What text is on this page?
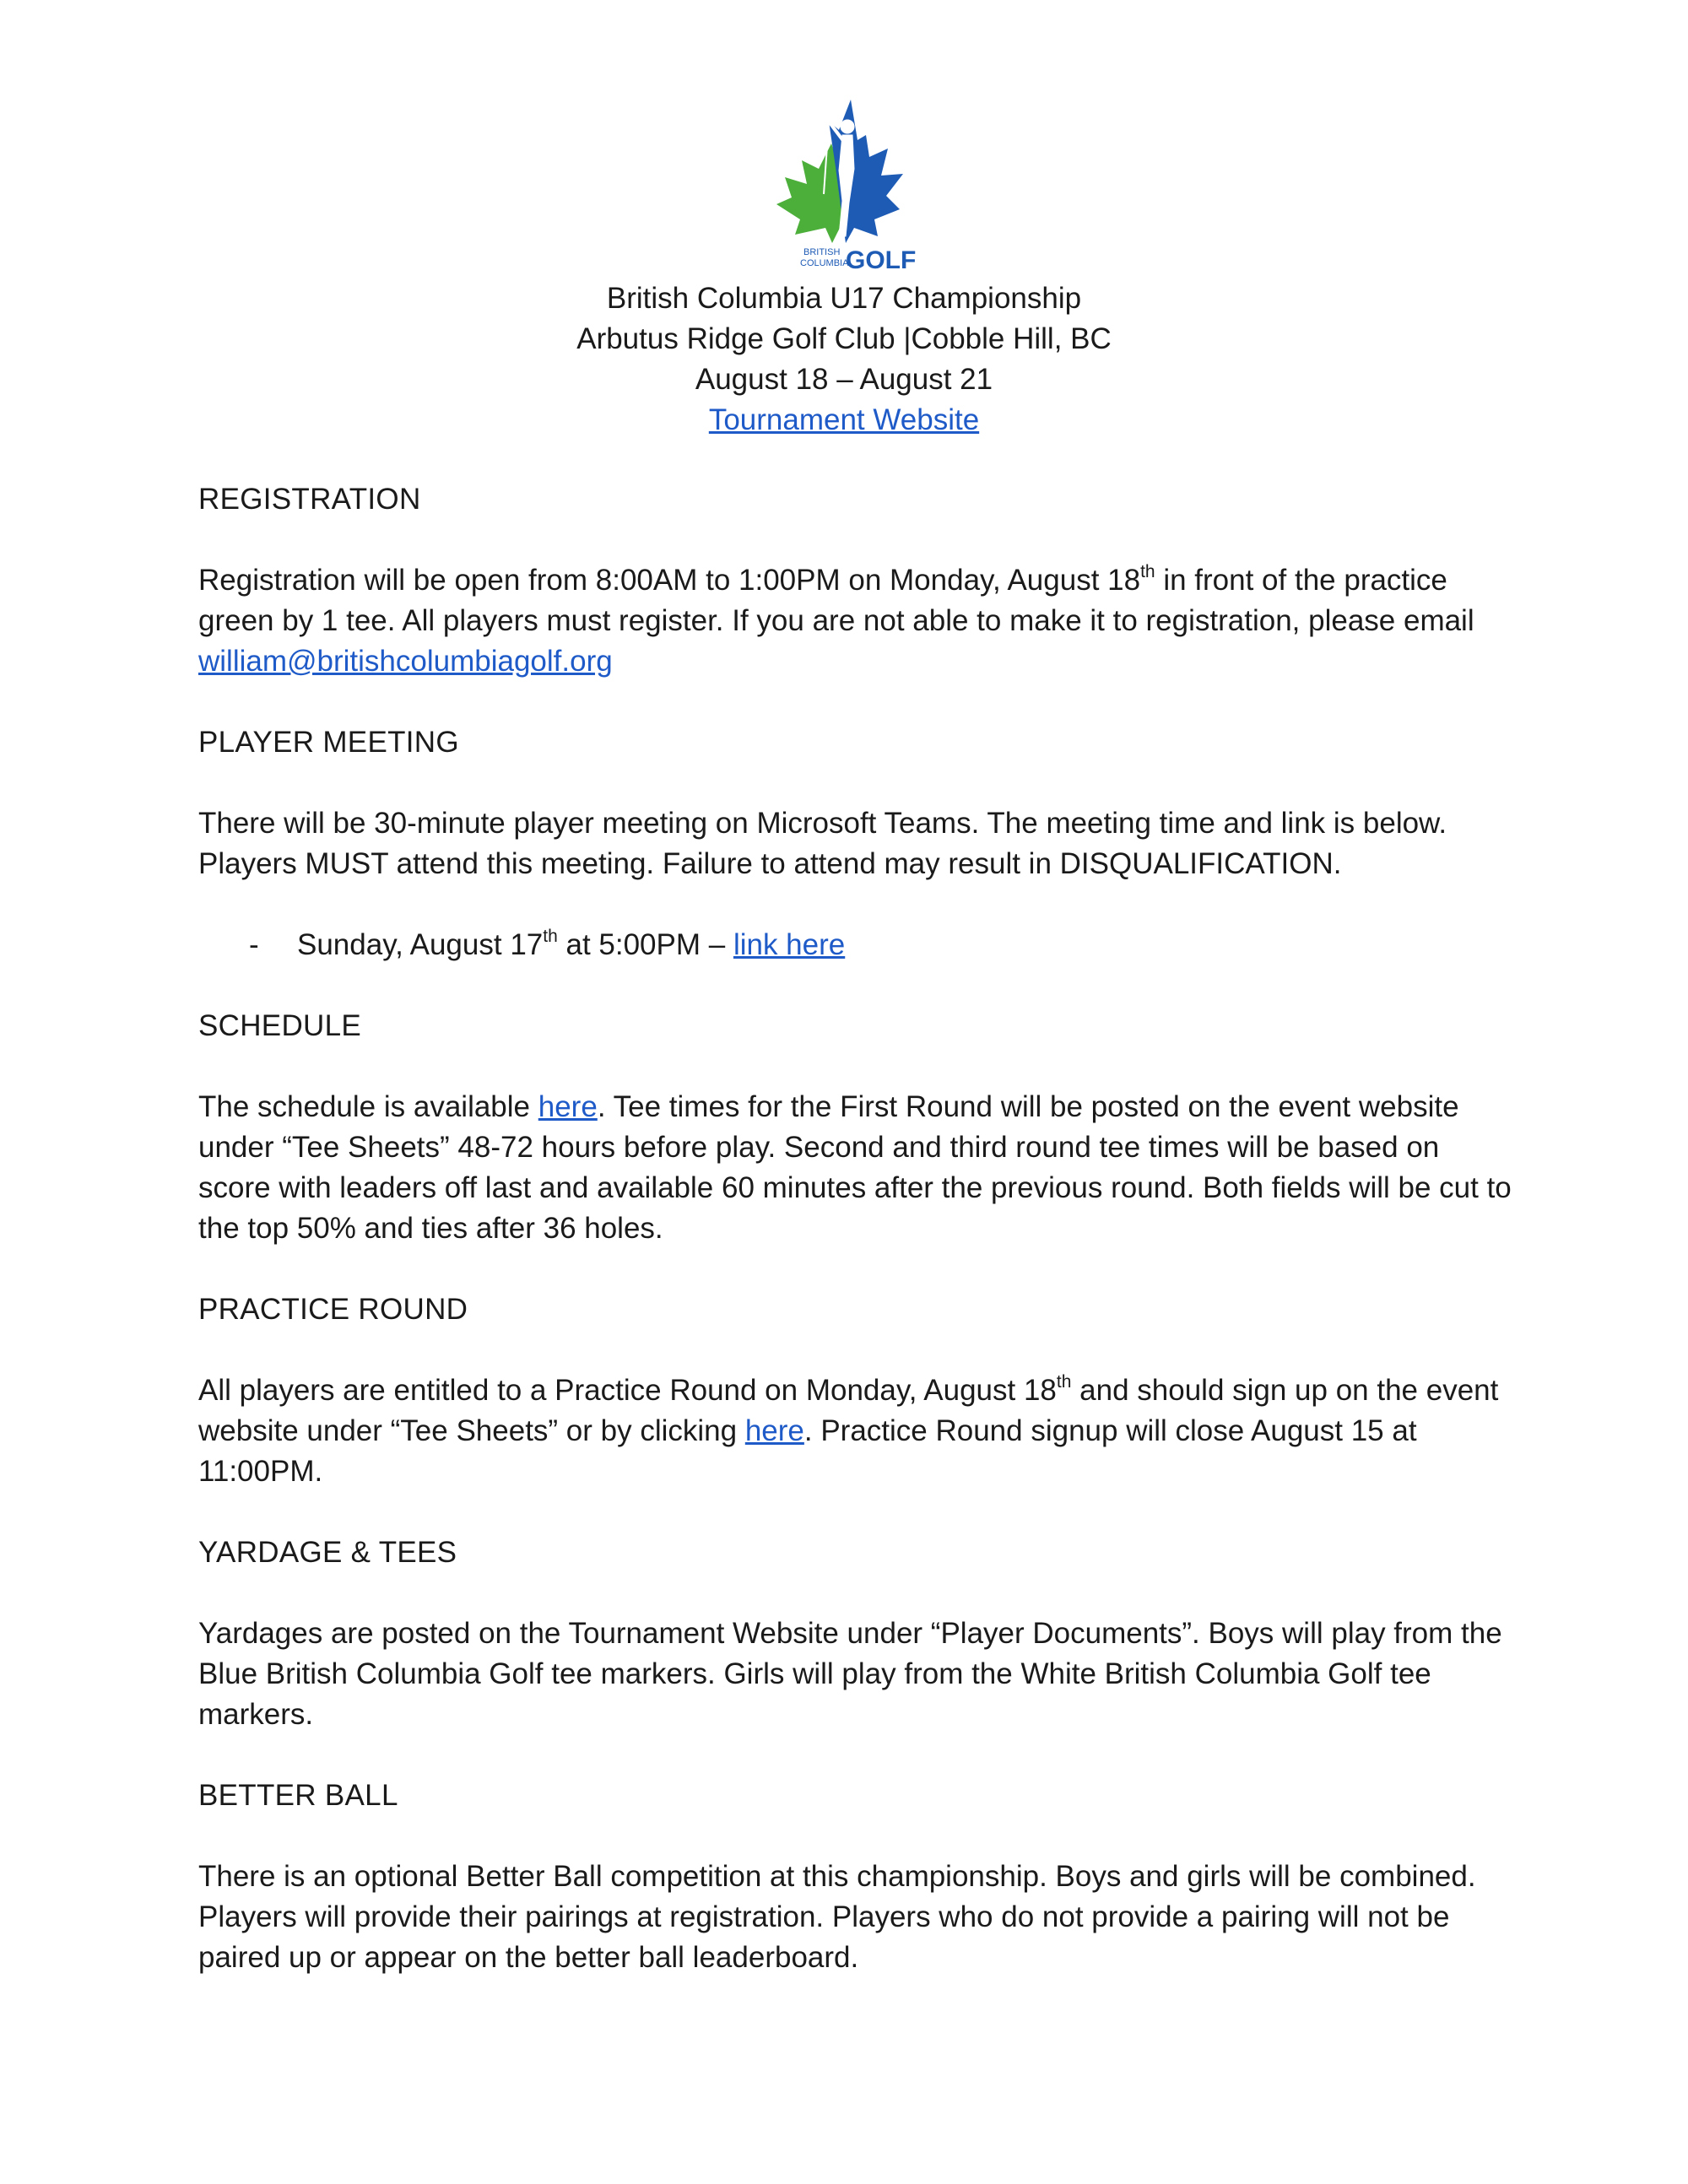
BRITISH
COLUMBIA
GOLF
British Columbia U17 Championship
Arbutus Ridge Golf Club |Cobble Hill, BC
August 18 – August 21
Tournament Website
REGISTRATION
Registration will be open from 8:00AM to 1:00PM on Monday, August 18th in front of the practice green by 1 tee. All players must register. If you are not able to make it to registration, please email william@britishcolumbiagolf.org
PLAYER MEETING
There will be 30-minute player meeting on Microsoft Teams. The meeting time and link is below. Players MUST attend this meeting. Failure to attend may result in DISQUALIFICATION.
- Sunday, August 17th at 5:00PM – link here
SCHEDULE
The schedule is available here. Tee times for the First Round will be posted on the event website under “Tee Sheets” 48-72 hours before play. Second and third round tee times will be based on score with leaders off last and available 60 minutes after the previous round. Both fields will be cut to the top 50% and ties after 36 holes.
PRACTICE ROUND
All players are entitled to a Practice Round on Monday, August 18th and should sign up on the event website under “Tee Sheets” or by clicking here. Practice Round signup will close August 15 at 11:00PM.
YARDAGE & TEES
Yardages are posted on the Tournament Website under “Player Documents”. Boys will play from the Blue British Columbia Golf tee markers. Girls will play from the White British Columbia Golf tee markers.
BETTER BALL
There is an optional Better Ball competition at this championship. Boys and girls will be combined. Players will provide their pairings at registration. Players who do not provide a pairing will not be paired up or appear on the better ball leaderboard.
